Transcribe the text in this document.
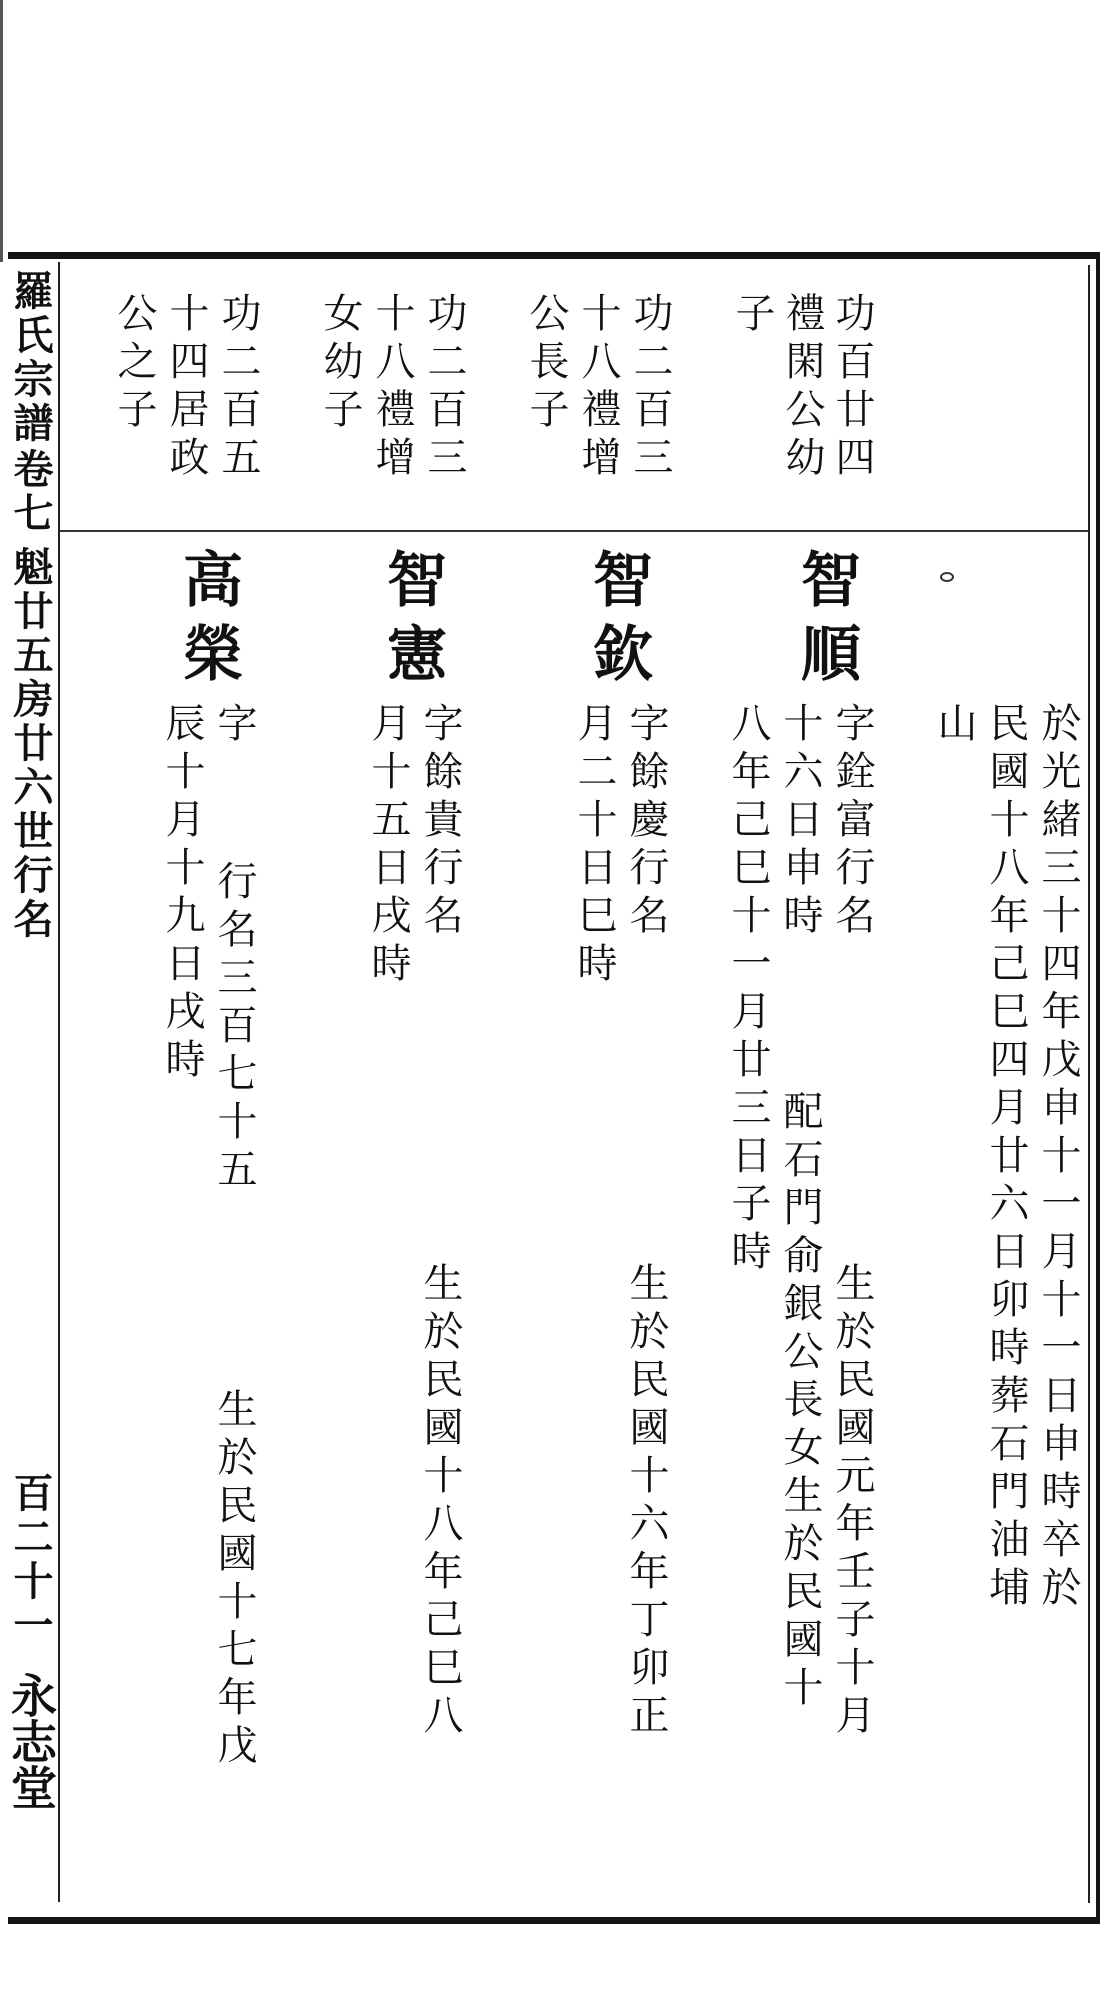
羅氏宗譜
卷七
魁廿五房廿六世行名
百二十一
永志堂
功百廿四
禮閑公幼
子
功二百三
十八禮增
公長子
功二百三
十八禮增
女幼子
功二百五
十四居政
公之子
於光緒三十四年戊申十一月十一日申時卒於
民國十八年己巳四月廿六日卯時葬石門油埔
山
智順
字銓富行名
十六日申時
八年己巳十一月廿三日子時
生於民國元年壬子十月
配石門俞銀公長女生於民國十
智欽
字餘慶行名
月二十日巳時
生於民國十六年丁卯正
智憲
字餘貴行名
月十五日戌時
生於民國十八年己巳八
高榮
字
辰十月十九日戌時 行名三百七十五
生於民國十七年戊
